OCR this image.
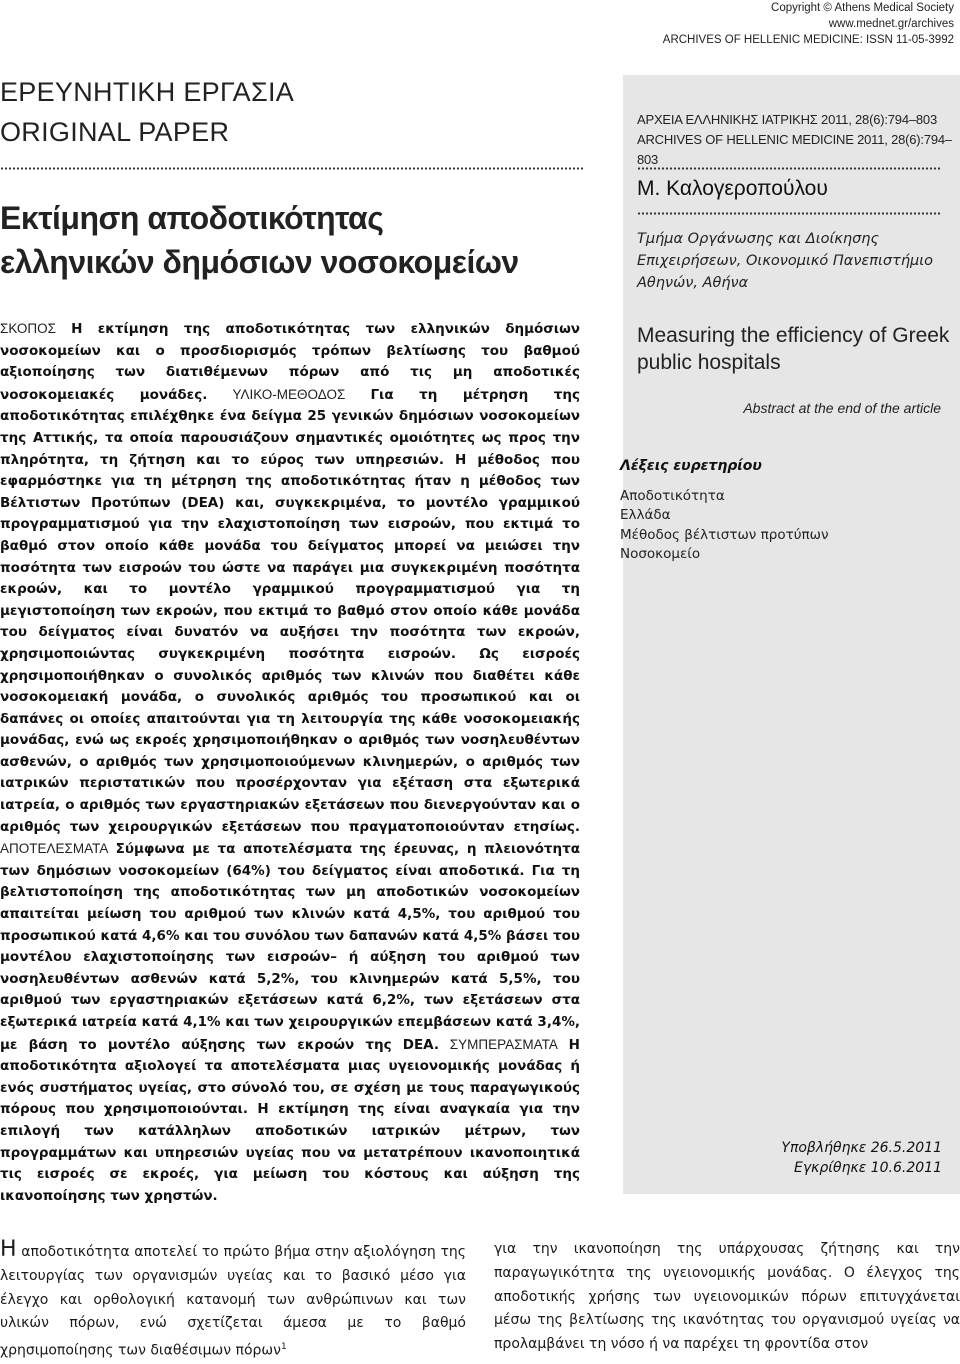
Copyright © Athens Medical Society
www.mednet.gr/archives
ARCHIVES OF HELLENIC MEDICINE: ISSN 11-05-3992
ΕΡΕΥΝΗΤΙΚΗ ΕΡΓΑΣΙΑ
ORIGINAL PAPER
Εκτίμηση αποδοτικότητας
ελληνικών δημόσιων νοσοκομείων
ΑΡΧΕΙΑ ΕΛΛΗΝΙΚΗΣ ΙΑΤΡΙΚΗΣ 2011, 28(6):794–803
ARCHIVES OF HELLENIC MEDICINE 2011, 28(6):794–803
Μ. Καλογεροπούλου
Τμήμα Οργάνωσης και Διοίκησης
Επιχειρήσεων, Οικονομικό Πανεπιστήμιο
Αθηνών, Αθήνα
Measuring the efficiency of Greek
public hospitals
Abstract at the end of the article
Λέξεις ευρετηρίου
Αποδοτικότητα
Ελλάδα
Μέθοδος βέλτιστων προτύπων
Νοσοκομείο
Υποβλήθηκε 26.5.2011
Εγκρίθηκε 10.6.2011
ΣΚΟΠΟΣ Η εκτίμηση της αποδοτικότητας των ελληνικών δημόσιων νοσοκομείων και ο προσδιορισμός τρόπων βελτίωσης του βαθμού αξιοποίησης των διατιθέμενων πόρων από τις μη αποδοτικές νοσοκομειακές μονάδες. ΥΛΙΚΟ-ΜΕΘΟΔΟΣ Για τη μέτρηση της αποδοτικότητας επιλέχθηκε ένα δείγμα 25 γενικών δημόσιων νοσοκομείων της Αττικής, τα οποία παρουσιάζουν σημαντικές ομοιότητες ως προς την πληρότητα, τη ζήτηση και το εύρος των υπηρεσιών. Η μέθοδος που εφαρμόστηκε για τη μέτρηση της αποδοτικότητας ήταν η μέθοδος των Βέλτιστων Προτύπων (DEA) και, συγκεκριμένα, το μοντέλο γραμμικού προγραμματισμού για την ελαχιστοποίηση των εισροών, που εκτιμά το βαθμό στον οποίο κάθε μονάδα του δείγματος μπορεί να μειώσει την ποσότητα των εισροών του ώστε να παράγει μια συγκεκριμένη ποσότητα εκροών, και το μοντέλο γραμμικού προγραμματισμού για τη μεγιστοποίηση των εκροών, που εκτιμά το βαθμό στον οποίο κάθε μονάδα του δείγματος είναι δυνατόν να αυξήσει την ποσότητα των εκροών, χρησιμοποιώντας συγκεκριμένη ποσότητα εισροών. Ως εισροές χρησιμοποιήθηκαν ο συνολικός αριθμός των κλινών που διαθέτει κάθε νοσοκομειακή μονάδα, ο συνολικός αριθμός του προσωπικού και οι δαπάνες οι οποίες απαιτούνται για τη λειτουργία της κάθε νοσοκομειακής μονάδας, ενώ ως εκροές χρησιμοποιήθηκαν ο αριθμός των νοσηλευθέντων ασθενών, ο αριθμός των χρησιμοποιούμενων κλινημερών, ο αριθμός των ιατρικών περιστατικών που προσέρχονταν για εξέταση στα εξωτερικά ιατρεία, ο αριθμός των εργαστηριακών εξετάσεων που διενεργούνταν και ο αριθμός των χειρουργικών εξετάσεων που πραγματοποιούνταν ετησίως. ΑΠΟΤΕΛΕΣΜΑΤΑ Σύμφωνα με τα αποτελέσματα της έρευνας, η πλειονότητα των δημόσιων νοσοκομείων (64%) του δείγματος είναι αποδοτικά. Για τη βελτιστοποίηση της αποδοτικότητας των μη αποδοτικών νοσοκομείων απαιτείται μείωση του αριθμού των κλινών κατά 4,5%, του αριθμού του προσωπικού κατά 4,6% και του συνόλου των δαπανών κατά 4,5% βάσει του μοντέλου ελαχιστοποίησης των εισροών– ή αύξηση του αριθμού των νοσηλευθέντων ασθενών κατά 5,2%, του κλινημερών κατά 5,5%, του αριθμού των εργαστηριακών εξετάσεων κατά 6,2%, των εξετάσεων στα εξωτερικά ιατρεία κατά 4,1% και των χειρουργικών επεμβάσεων κατά 3,4%, με βάση το μοντέλο αύξησης των εκροών της DEA. ΣΥΜΠΕΡΑΣΜΑΤΑ Η αποδοτικότητα αξιολογεί τα αποτελέσματα μιας υγειονομικής μονάδας ή ενός συστήματος υγείας, στο σύνολό του, σε σχέση με τους παραγωγικούς πόρους που χρησιμοποιούνται. Η εκτίμηση της είναι αναγκαία για την επιλογή των κατάλληλων αποδοτικών ιατρικών μέτρων, των προγραμμάτων και υπηρεσιών υγείας που να μετατρέπουν ικανοποιητικά τις εισροές σε εκροές, για μείωση του κόστους και αύξηση της ικανοποίησης των χρηστών.
Η αποδοτικότητα αποτελεί το πρώτο βήμα στην αξιολόγηση της λειτουργίας των οργανισμών υγείας και το βασικό μέσο για έλεγχο και ορθολογική κατανομή των ανθρώπινων και των υλικών πόρων, ενώ σχετίζεται άμεσα με το βαθμό χρησιμοποίησης των διαθέσιμων πόρων$^1$
για την ικανοποίηση της υπάρχουσας ζήτησης και την παραγωγικότητα της υγειονομικής μονάδας. Ο έλεγχος της αποδοτικής χρήσης των υγειονομικών πόρων επιτυγχάνεται μέσω της βελτίωσης της ικανότητας του οργανισμού υγείας να προλαμβάνει τη νόσο ή να παρέχει τη φροντίδα στον
